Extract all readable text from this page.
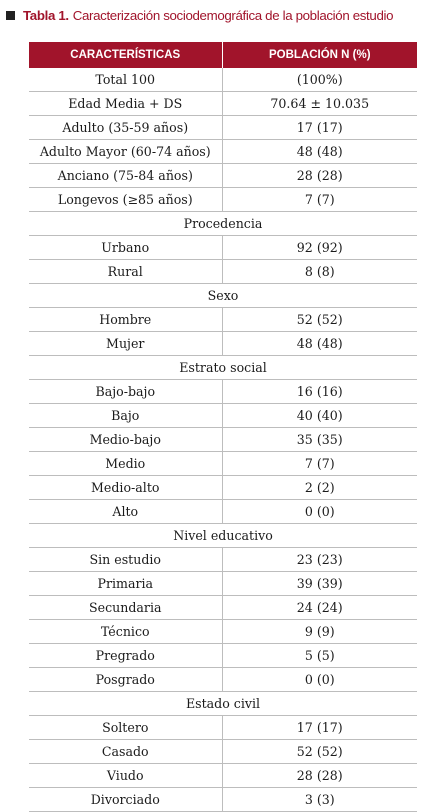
Tabla 1. Caracterización sociodemográfica de la población estudio
CARACTERÍSTICAS	POBLACIÓN N (%)
Total 100	(100%)
Edad Media + DS	70.64 ± 10.035
Adulto (35-59 años)	17 (17)
Adulto Mayor (60-74 años)	48 (48)
Anciano (75-84 años)	28 (28)
Longevos (≥85 años)	7 (7)
Procedencia	
Urbano	92 (92)
Rural	8 (8)
Sexo	
Hombre	52 (52)
Mujer	48 (48)
Estrato social	
Bajo-bajo	16 (16)
Bajo	40 (40)
Medio-bajo	35 (35)
Medio	7 (7)
Medio-alto	2 (2)
Alto	0 (0)
Nivel educativo	
Sin estudio	23 (23)
Primaria	39 (39)
Secundaria	24 (24)
Técnico	9 (9)
Pregrado	5 (5)
Posgrado	0 (0)
Estado civil	
Soltero	17 (17)
Casado	52 (52)
Viudo	28 (28)
Divorciado	3 (3)
